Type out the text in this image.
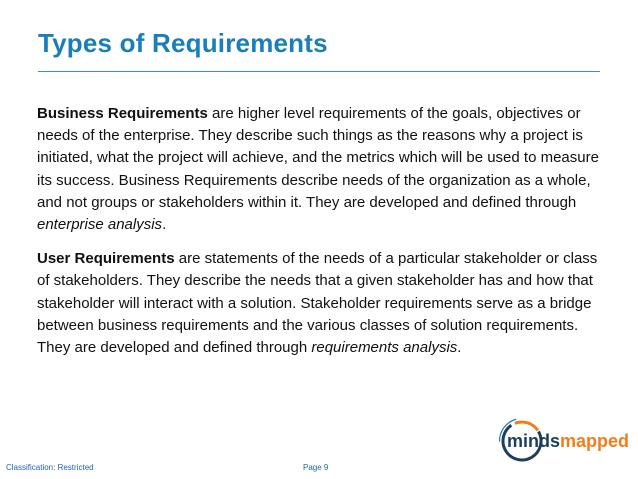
Types of Requirements

Business Requirements are higher level requirements of the goals, objectives or needs of the enterprise. They describe such things as the reasons why a project is initiated, what the project will achieve, and the metrics which will be used to measure its success. Business Requirements describe needs of the organization as a whole, and not groups or stakeholders within it. They are developed and defined through enterprise analysis.

User Requirements are statements of the needs of a particular stakeholder or class of stakeholders. They describe the needs that a given stakeholder has and how that stakeholder will interact with a solution. Stakeholder requirements serve as a bridge between business requirements and the various classes of solution requirements. They are developed and defined through requirements analysis.

mindsmapped
Classification: Restricted	Page 9
